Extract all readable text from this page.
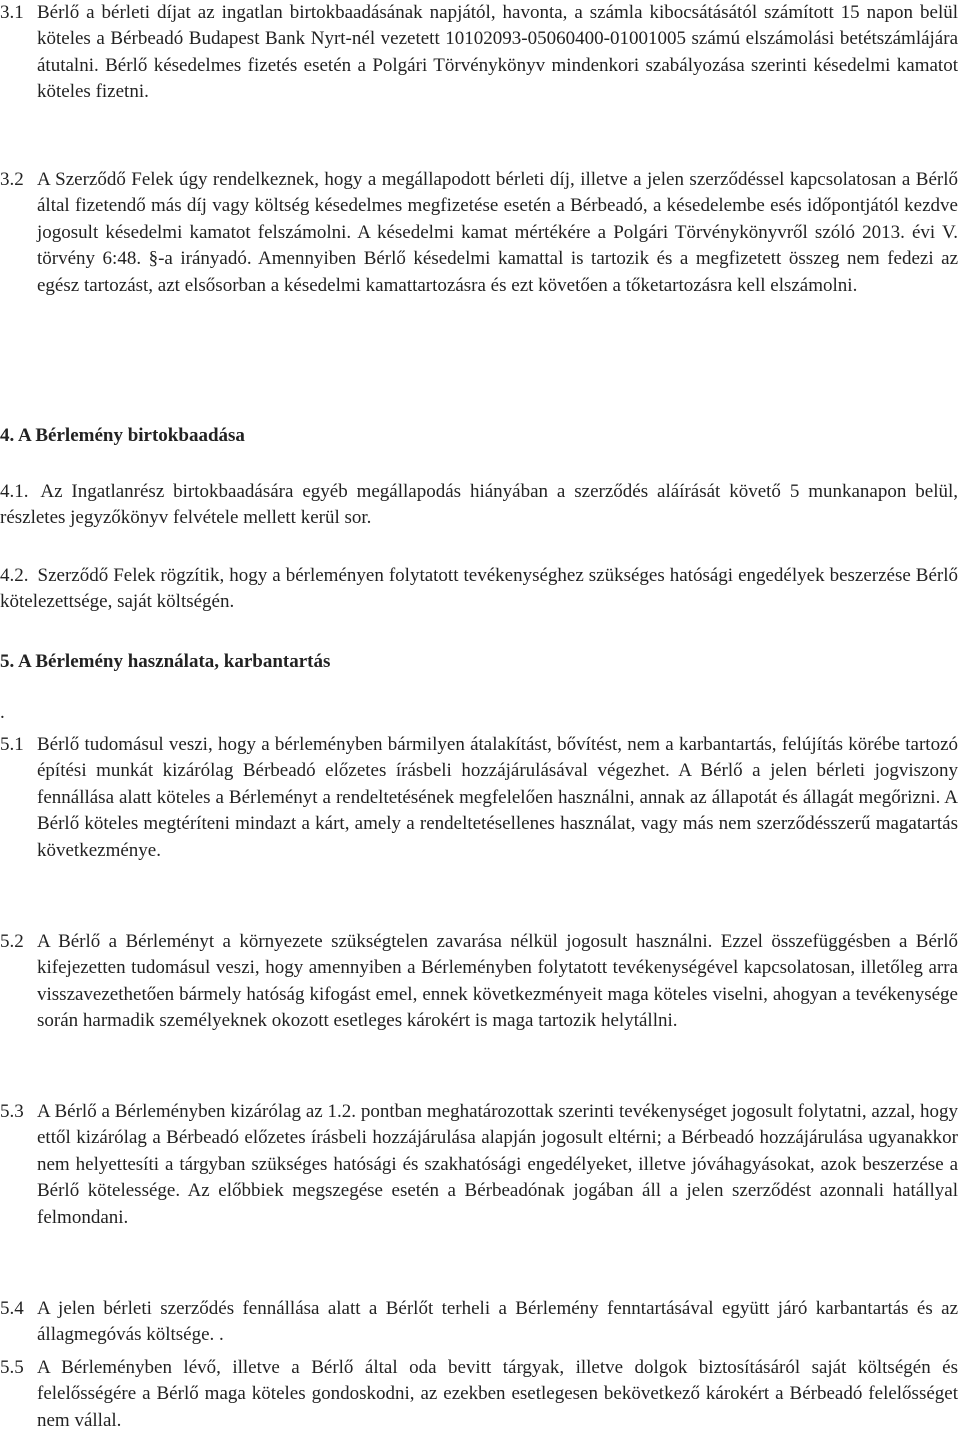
3.1 Bérlő a bérleti díjat az ingatlan birtokbaadásának napjától, havonta, a számla kibocsátásától számított 15 napon belül köteles a Bérbeadó Budapest Bank Nyrt-nél vezetett 10102093-05060400-01001005 számú elszámolási betétszámlájára átutalni. Bérlő késedelmes fizetés esetén a Polgári Törvénykönyv mindenkori szabályozása szerinti késedelmi kamatot köteles fizetni.
3.2 A Szerződő Felek úgy rendelkeznek, hogy a megállapodott bérleti díj, illetve a jelen szerződéssel kapcsolatosan a Bérlő által fizetendő más díj vagy költség késedelmes megfizetése esetén a Bérbeadó, a késedelembe esés időpontjától kezdve jogosult késedelmi kamatot felszámolni. A késedelmi kamat mértékére a Polgári Törvénykönyvről szóló 2013. évi V. törvény 6:48. §-a irányadó. Amennyiben Bérlő késedelmi kamattal is tartozik és a megfizetett összeg nem fedezi az egész tartozást, azt elsősorban a késedelmi kamattartozásra és ezt követően a tőketartozásra kell elszámolni.
4. A Bérlemény birtokbaadása
4.1. Az Ingatlanrész birtokbaadására egyéb megállapodás hiányában a szerződés aláírását követő 5 munkanapon belül, részletes jegyzőkönyv felvétele mellett kerül sor.
4.2. Szerződő Felek rögzítik, hogy a bérleményen folytatott tevékenységhez szükséges hatósági engedélyek beszerzése Bérlő kötelezettsége, saját költségén.
5. A Bérlemény használata, karbantartás
.
5.1 Bérlő tudomásul veszi, hogy a bérleményben bármilyen átalakítást, bővítést, nem a karbantartás, felújítás körébe tartozó építési munkát kizárólag Bérbeadó előzetes írásbeli hozzájárulásával végezhet. A Bérlő a jelen bérleti jogviszony fennállása alatt köteles a Bérleményt a rendeltetésének megfelelően használni, annak az állapotát és állagát megőrizni. A Bérlő köteles megtéríteni mindazt a kárt, amely a rendeltetésellenes használat, vagy más nem szerződésszerű magatartás következménye.
5.2 A Bérlő a Bérleményt a környezete szükségtelen zavarása nélkül jogosult használni. Ezzel összefüggésben a Bérlő kifejezetten tudomásul veszi, hogy amennyiben a Bérleményben folytatott tevékenységével kapcsolatosan, illetőleg arra visszavezethetően bármely hatóság kifogást emel, ennek következményeit maga köteles viselni, ahogyan a tevékenysége során harmadik személyeknek okozott esetleges károkért is maga tartozik helytállni.
5.3 A Bérlő a Bérleményben kizárólag az 1.2. pontban meghatározottak szerinti tevékenységet jogosult folytatni, azzal, hogy ettől kizárólag a Bérbeadó előzetes írásbeli hozzájárulása alapján jogosult eltérni; a Bérbeadó hozzájárulása ugyanakkor nem helyettesíti a tárgyban szükséges hatósági és szakhatósági engedélyeket, illetve jóváhagyásokat, azok beszerzése a Bérlő kötelessége. Az előbbiek megszegése esetén a Bérbeadónak jogában áll a jelen szerződést azonnali hatállyal felmondani.
5.4 A jelen bérleti szerződés fennállása alatt a Bérlőt terheli a Bérlemény fenntartásával együtt járó karbantartás és az állagmegóvás költsége. .
5.5 A Bérleményben lévő, illetve a Bérlő által oda bevitt tárgyak, illetve dolgok biztosításáról saját költségén és felelősségére a Bérlő maga köteles gondoskodni, az ezekben esetlegesen bekövetkező károkért a Bérbeadó felelősséget nem vállal.
